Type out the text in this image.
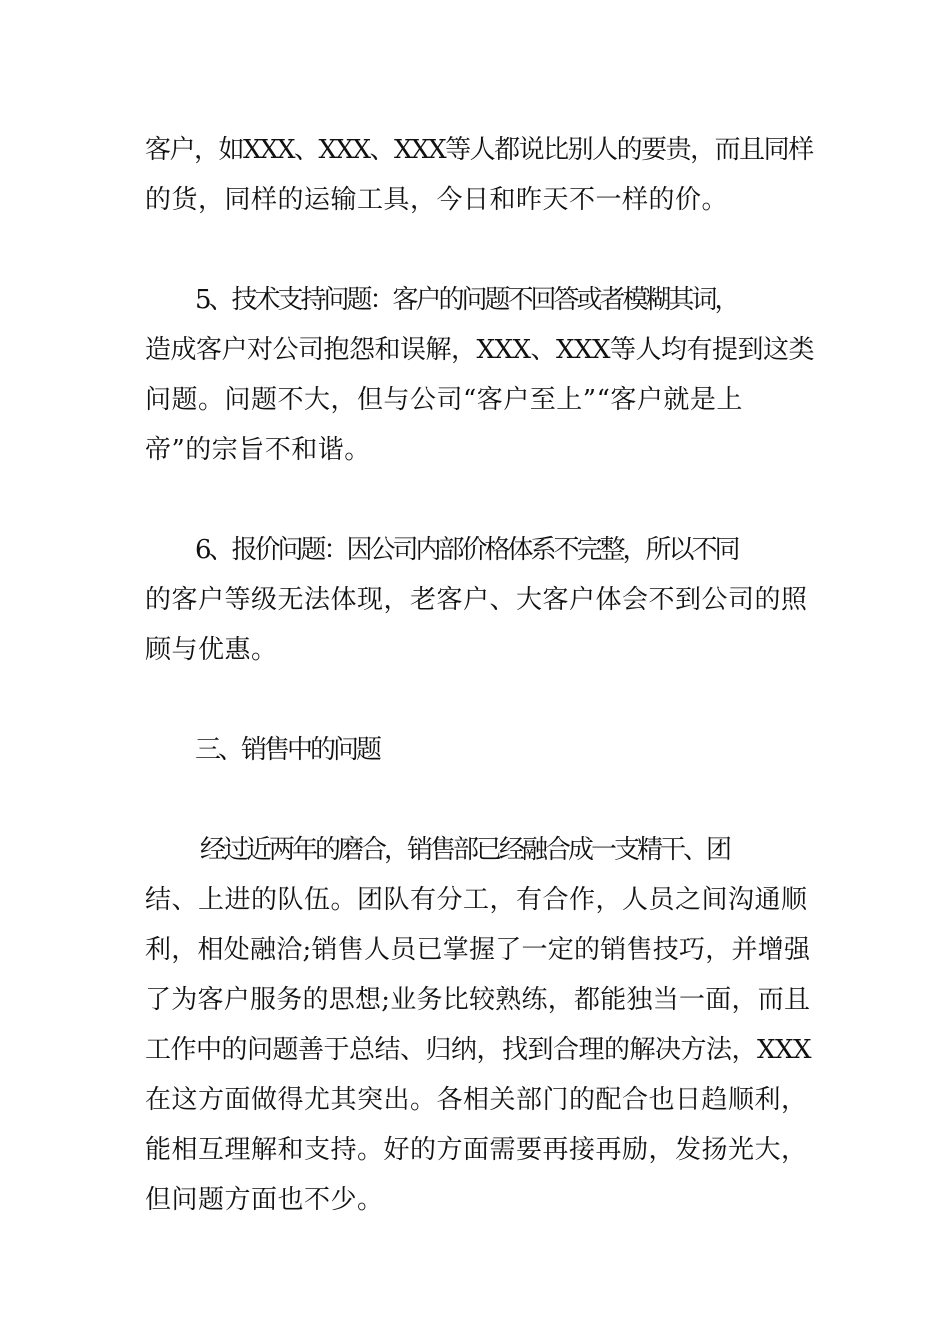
客户，如XXX、XXX、XXX等人都说比别人的要贵，而且同样
的货，同样的运输工具，今日和昨天不一样的价。
5、技术支持问题：客户的问题不回答或者模糊其词，
造成客户对公司抱怨和误解，XXX、XXX等人均有提到这类
问题。问题不大，但与公司“客户至上”“客户就是上
帝”的宗旨不和谐。
6、报价问题：因公司内部价格体系不完整，所以不同
的客户等级无法体现，老客户、大客户体会不到公司的照
顾与优惠。
三、销售中的问题
经过近两年的磨合，销售部已经融合成一支精干、团
结、上进的队伍。团队有分工，有合作，人员之间沟通顺
利，相处融洽;销售人员已掌握了一定的销售技巧，并增强
了为客户服务的思想;业务比较熟练，都能独当一面，而且
工作中的问题善于总结、归纳，找到合理的解决方法，XXX
在这方面做得尤其突出。各相关部门的配合也日趋顺利，
能相互理解和支持。好的方面需要再接再励，发扬光大，
但问题方面也不少。
